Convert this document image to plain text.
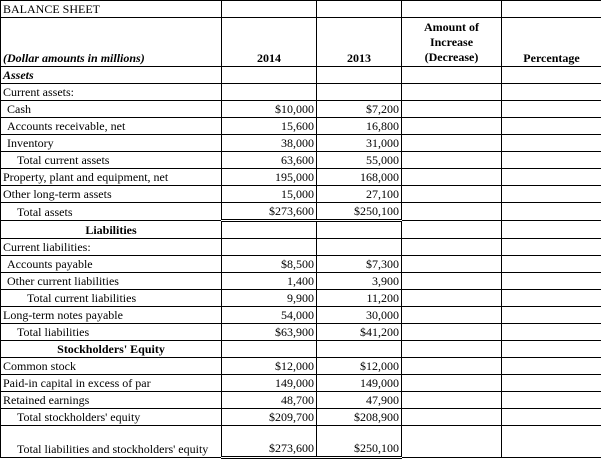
BALANCE SHEET				
(Dollar amounts in millions)	2014	2013	Amount of Increase (Decrease)	Percentage
Assets				
Current assets:				
Cash	$10,000	$7,200		
Accounts receivable, net	15,600	16,800		
Inventory	38,000	31,000		
Total current assets	63,600	55,000		
Property, plant and equipment, net	195,000	168,000		
Other long-term assets	15,000	27,100		
Total assets	$273,600	$250,100		
Liabilities				
Current liabilities:				
Accounts payable	$8,500	$7,300		
Other current liabilities	1,400	3,900		
Total current liabilities	9,900	11,200		
Long-term notes payable	54,000	30,000		
Total liabilities	$63,900	$41,200		
Stockholders' Equity				
Common stock	$12,000	$12,000		
Paid-in capital in excess of par	149,000	149,000		
Retained earnings	48,700	47,900		
Total stockholders' equity	$209,700	$208,900		
Total liabilities and stockholders' equity	$273,600	$250,100		
